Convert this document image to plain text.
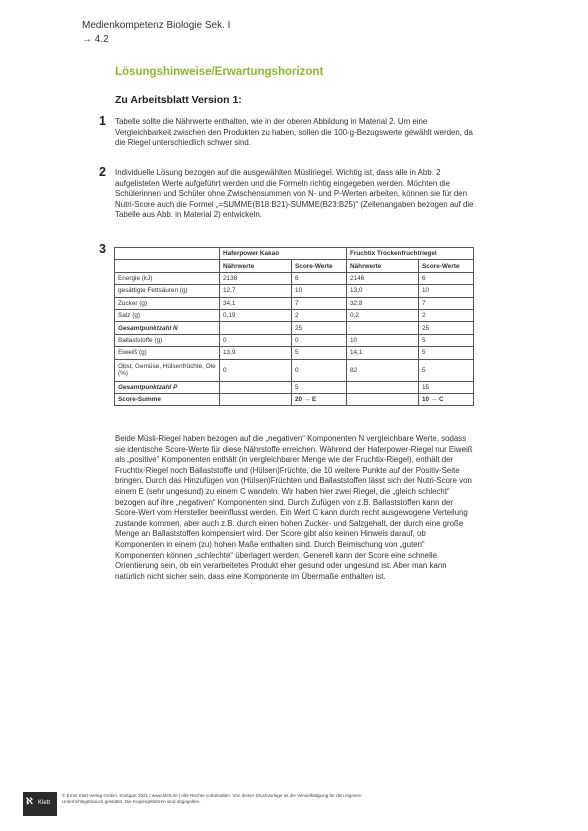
Medienkompetenz Biologie Sek. I
→ 4.2
Lösungshinweise/Erwartungshorizont
Zu Arbeitsblatt Version 1:
1 Tabelle sollte die Nährwerte enthalten, wie in der oberen Abbildung in Material 2. Um eine Vergleichbarkeit zwischen den Produkten zu haben, sollen die 100-g-Bezugswerte gewählt werden, da die Riegel unterschiedlich schwer sind.
2 Individuelle Lösung bezogen auf die ausgewählten Müsliriegel. Wichtig ist, dass alle in Abb. 2 aufgelisteten Werte aufgeführt werden und die Formeln richtig eingegeben werden. Möchten die Schülerinnen und Schüler ohne Zwischensummen von N- und P-Werten arbeiten, können sie für den Nutri-Score auch die Formel „=SUMME(B18:B21)-SUMME(B23:B25)“ (Zellenangaben bezogen auf die Tabelle aus Abb. in Material 2) entwickeln.
3
		Haferpower Kakao		Fruchtix Trockenfruchtriegel	
	Nährwerte	Score-Werte	Nährwerte	Score-Werte
Energie (kJ)	2138	6	2146	6
gesättigte Fettsäuren (g)	12,7	10	13,0	10
Zucker (g)	34,1	7	32,8	7
Salz (g)	0,19	2	0,2	2
Gesamtpunktzahl N		25		25
Ballaststoffe (g)	0	0	10	5
Eiweiß (g)	13,9	5	14,1	5
Obst, Gemüse, Hülsenfrüchte, Ole (%)	0	0	82	5
Gesamtpunktzahl P		5		15
Score-Summe		20 → E		10 → C
Beide Müsli-Riegel haben bezogen auf die „negativen“ Komponenten N vergleichbare Werte, sodass sie identische Score-Werte für diese Nährstoffe erreichen. Während der Haferpower-Riegel nur Eiweiß als „positive“ Komponenten enthält (in vergleichbarer Menge wie der Fruchtix-Riegel), enthält der Fruchtix-Riegel noch Ballaststoffe und (Hülsen)Früchte, die 10 weitere Punkte auf der Positiv-Seite bringen. Durch das Hinzufügen von (Hülsen)Früchten und Ballaststoffen lässt sich der Nutri-Score von einem E (sehr ungesund) zu einem C wandeln. Wir haben hier zwei Riegel, die „gleich schlecht“ bezogen auf ihre „negativen“ Komponenten sind. Durch Zufügen von z.B. Ballaststoffen kann der Score-Wert vom Hersteller beeinflusst werden. Ein Wert C kann durch recht ausgewogene Verteilung zustande kommen, aber auch z.B. durch einen hohen Zucker- und Salzgehalt, der durch eine große Menge an Ballaststoffen kompensiert wird. Der Score gibt also keinen Hinweis darauf, ob Komponenten in einem (zu) hohen Maße enthalten sind. Durch Beimischung von „guten“ Komponenten können „schlechte“ überlagert werden. Generell kann der Score eine schnelle Orientierung sein, ob ein verarbeitetes Produkt eher gesund oder ungesund ist. Aber man kann natürlich nicht sicher sein, dass eine Komponente im Übermaße enthalten ist.
ℵ Klett
© Ernst Klett Verlag GmbH, Stuttgart 2021 | www.klett.de | Alle Rechte vorbehalten. Von dieser Druckvorlage ist die Vervielfältigung für den eigenen Unterrichtsgebrauch gestattet. Die Kopiergebühren sind abgegolten.
